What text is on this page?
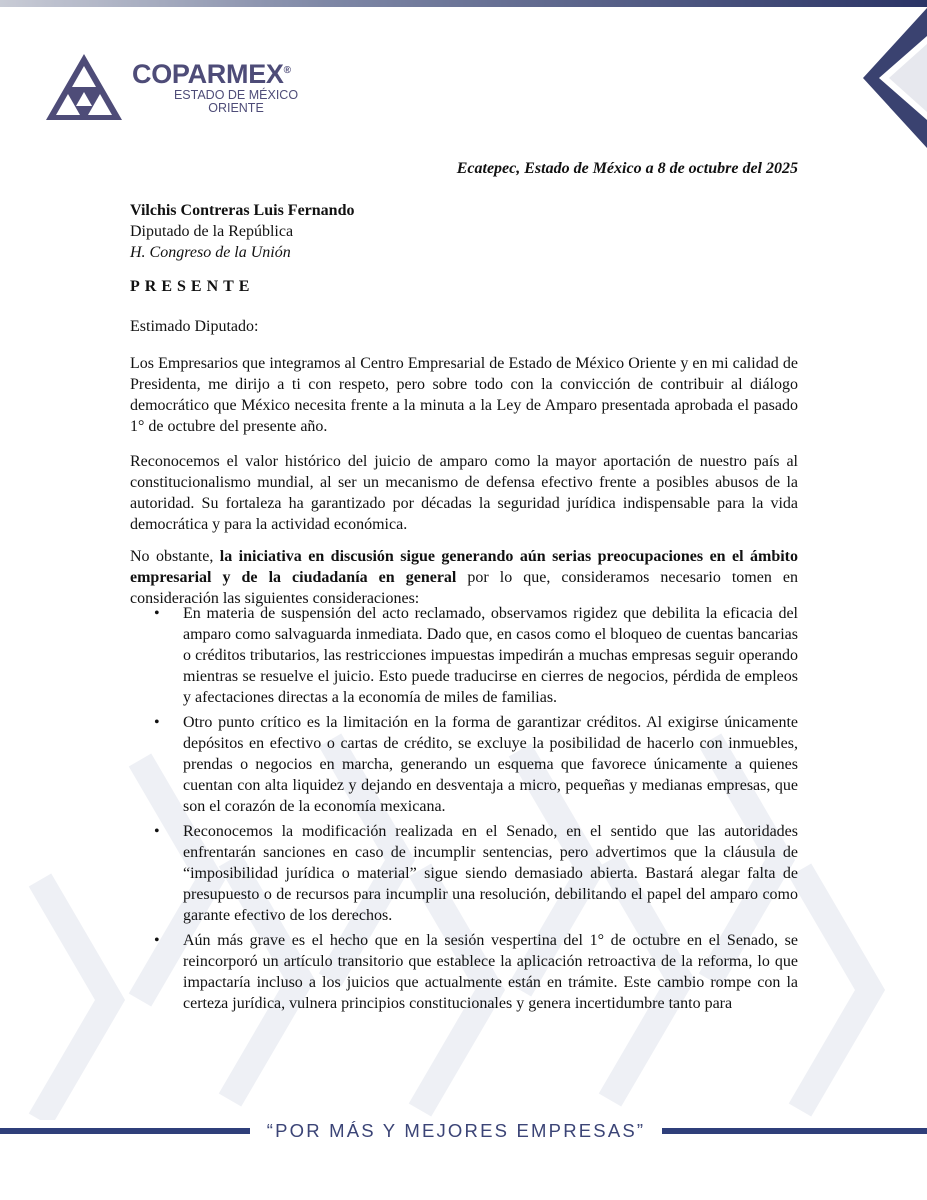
COPARMEX®
ESTADO DE MÉXICO
ORIENTE
Ecatepec, Estado de México a 8 de octubre del 2025
Vilchis Contreras Luis Fernando
Diputado de la República
H. Congreso de la Unión
PRESENTE
Estimado Diputado:
Los Empresarios que integramos al Centro Empresarial de Estado de México Oriente y en mi calidad de Presidenta, me dirijo a ti con respeto, pero sobre todo con la convicción de contribuir al diálogo democrático que México necesita frente a la minuta a la Ley de Amparo presentada aprobada el pasado 1° de octubre del presente año.
Reconocemos el valor histórico del juicio de amparo como la mayor aportación de nuestro país al constitucionalismo mundial, al ser un mecanismo de defensa efectivo frente a posibles abusos de la autoridad. Su fortaleza ha garantizado por décadas la seguridad jurídica indispensable para la vida democrática y para la actividad económica.
No obstante, la iniciativa en discusión sigue generando aún serias preocupaciones en el ámbito empresarial y de la ciudadanía en general por lo que, consideramos necesario tomen en consideración las siguientes consideraciones:
• En materia de suspensión del acto reclamado, observamos rigidez que debilita la eficacia del amparo como salvaguarda inmediata. Dado que, en casos como el bloqueo de cuentas bancarias o créditos tributarios, las restricciones impuestas impedirán a muchas empresas seguir operando mientras se resuelve el juicio. Esto puede traducirse en cierres de negocios, pérdida de empleos y afectaciones directas a la economía de miles de familias.
• Otro punto crítico es la limitación en la forma de garantizar créditos. Al exigirse únicamente depósitos en efectivo o cartas de crédito, se excluye la posibilidad de hacerlo con inmuebles, prendas o negocios en marcha, generando un esquema que favorece únicamente a quienes cuentan con alta liquidez y dejando en desventaja a micro, pequeñas y medianas empresas, que son el corazón de la economía mexicana.
• Reconocemos la modificación realizada en el Senado, en el sentido que las autoridades enfrentarán sanciones en caso de incumplir sentencias, pero advertimos que la cláusula de “imposibilidad jurídica o material” sigue siendo demasiado abierta. Bastará alegar falta de presupuesto o de recursos para incumplir una resolución, debilitando el papel del amparo como garante efectivo de los derechos.
• Aún más grave es el hecho que en la sesión vespertina del 1° de octubre en el Senado, se reincorporó un artículo transitorio que establece la aplicación retroactiva de la reforma, lo que impactaría incluso a los juicios que actualmente están en trámite. Este cambio rompe con la certeza jurídica, vulnera principios constitucionales y genera incertidumbre tanto para
“POR MÁS Y MEJORES EMPRESAS”
